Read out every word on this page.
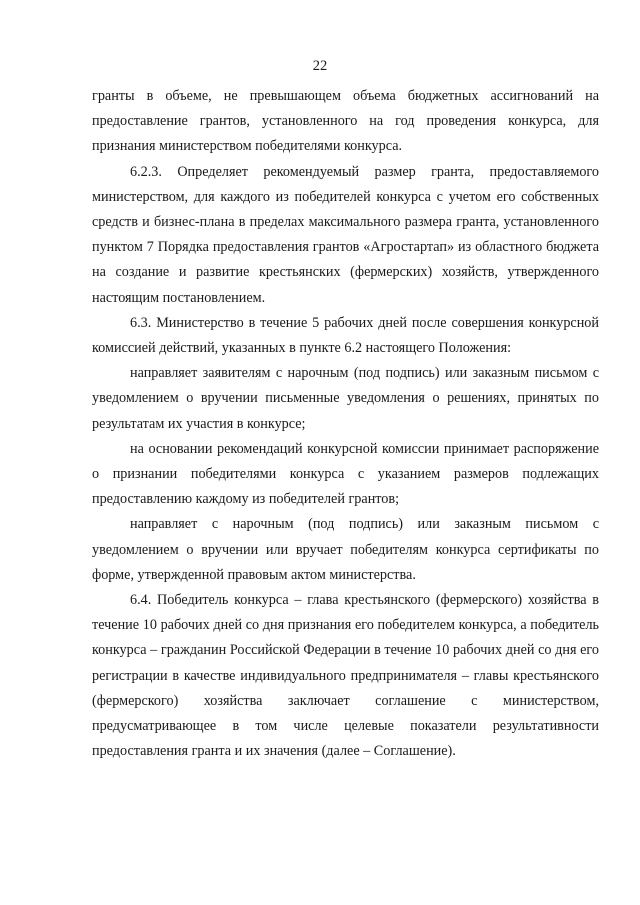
22

гранты в объеме, не превышающем объема бюджетных ассигнований на предоставление грантов, установленного на год проведения конкурса, для признания министерством победителями конкурса.

6.2.3. Определяет рекомендуемый размер гранта, предоставляемого министерством, для каждого из победителей конкурса с учетом его собственных средств и бизнес-плана в пределах максимального размера гранта, установленного пунктом 7 Порядка предоставления грантов «Агростартап» из областного бюджета на создание и развитие крестьянских (фермерских) хозяйств, утвержденного настоящим постановлением.

6.3. Министерство в течение 5 рабочих дней после совершения конкурсной комиссией действий, указанных в пункте 6.2 настоящего Положения:

направляет заявителям с нарочным (под подпись) или заказным письмом с уведомлением о вручении письменные уведомления о решениях, принятых по результатам их участия в конкурсе;

на основании рекомендаций конкурсной комиссии принимает распоряжение о признании победителями конкурса с указанием размеров подлежащих предоставлению каждому из победителей грантов;

направляет с нарочным (под подпись) или заказным письмом с уведомлением о вручении или вручает победителям конкурса сертификаты по форме, утвержденной правовым актом министерства.

6.4. Победитель конкурса – глава крестьянского (фермерского) хозяйства в течение 10 рабочих дней со дня признания его победителем конкурса, а победитель конкурса – гражданин Российской Федерации в течение 10 рабочих дней со дня его регистрации в качестве индивидуального предпринимателя – главы крестьянского (фермерского) хозяйства заключает соглашение с министерством, предусматривающее в том числе целевые показатели результативности предоставления гранта и их значения (далее – Соглашение).
